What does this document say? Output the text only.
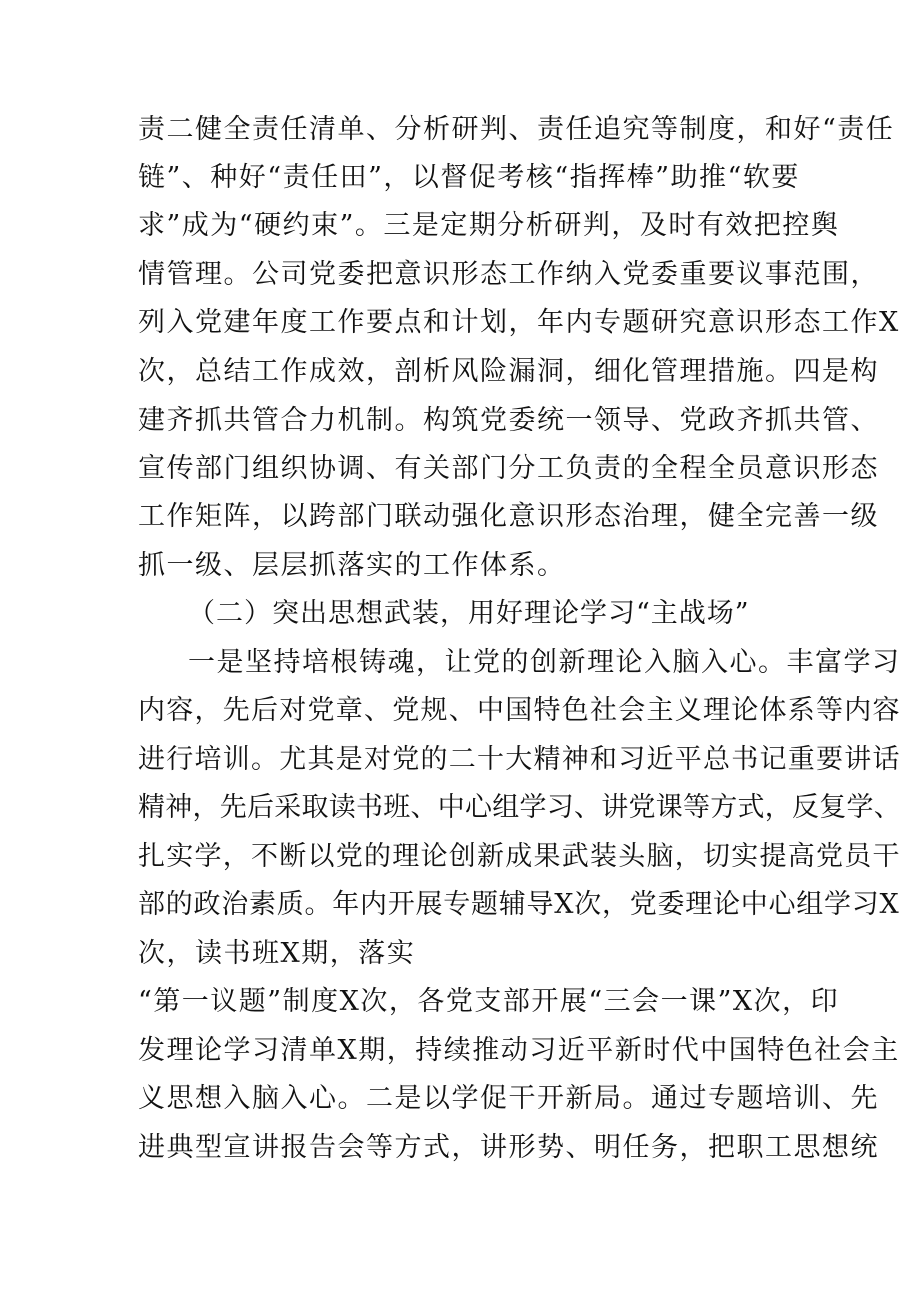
责二健全责任清单、分析研判、责任追究等制度，和好“责任
链”、种好“责任田”，以督促考核“指挥棒”助推“软要
求”成为“硬约束”。三是定期分析研判，及时有效把控舆
情管理。公司党委把意识形态工作纳入党委重要议事范围，
列入党建年度工作要点和计划，年内专题研究意识形态工作X
次，总结工作成效，剖析风险漏洞，细化管理措施。四是构
建齐抓共管合力机制。构筑党委统一领导、党政齐抓共管、
宣传部门组织协调、有关部门分工负责的全程全员意识形态
工作矩阵，以跨部门联动强化意识形态治理，健全完善一级
抓一级、层层抓落实的工作体系。
（二）突出思想武装，用好理论学习“主战场”
一是坚持培根铸魂，让党的创新理论入脑入心。丰富学习
内容，先后对党章、党规、中国特色社会主义理论体系等内容
进行培训。尤其是对党的二十大精神和习近平总书记重要讲话
精神，先后采取读书班、中心组学习、讲党课等方式，反复学、
扎实学，不断以党的理论创新成果武装头脑，切实提高党员干
部的政治素质。年内开展专题辅导X次，党委理论中心组学习X
次，读书班X期，落实
“第一议题”制度X次，各党支部开展“三会一课”X次，印
发理论学习清单X期，持续推动习近平新时代中国特色社会主
义思想入脑入心。二是以学促干开新局。通过专题培训、先
进典型宣讲报告会等方式，讲形势、明任务，把职工思想统
